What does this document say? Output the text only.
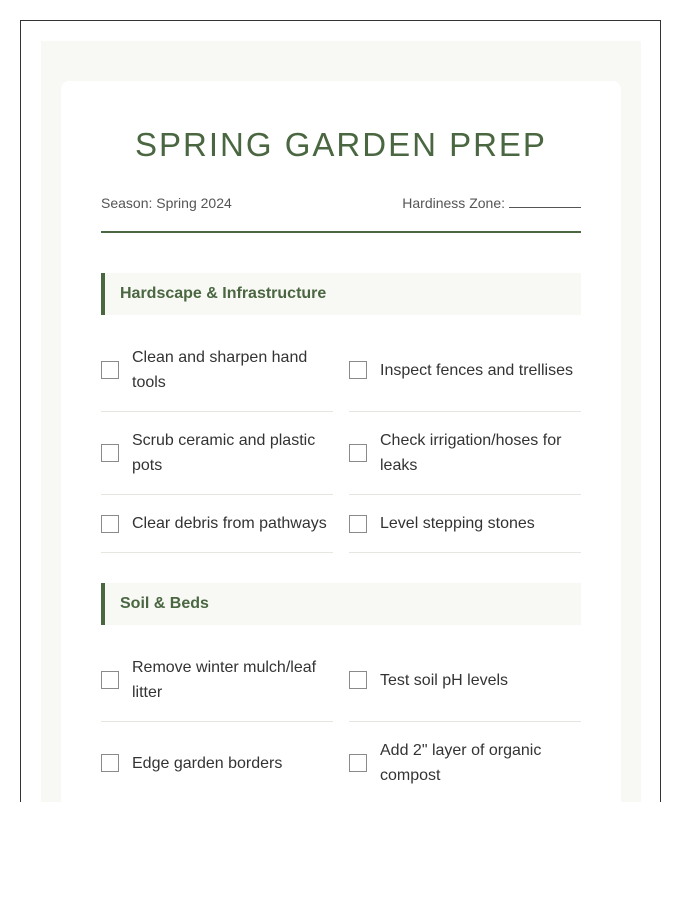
SPRING GARDEN PREP
Season: Spring 2024	Hardiness Zone:
Hardscape & Infrastructure
Clean and sharpen hand tools
Inspect fences and trellises
Scrub ceramic and plastic pots
Check irrigation/hoses for leaks
Clear debris from pathways	Level stepping stones
Soil & Beds
Remove winter mulch/leaf litter
Test soil pH levels
Edge garden borders
Add 2" layer of organic compost
